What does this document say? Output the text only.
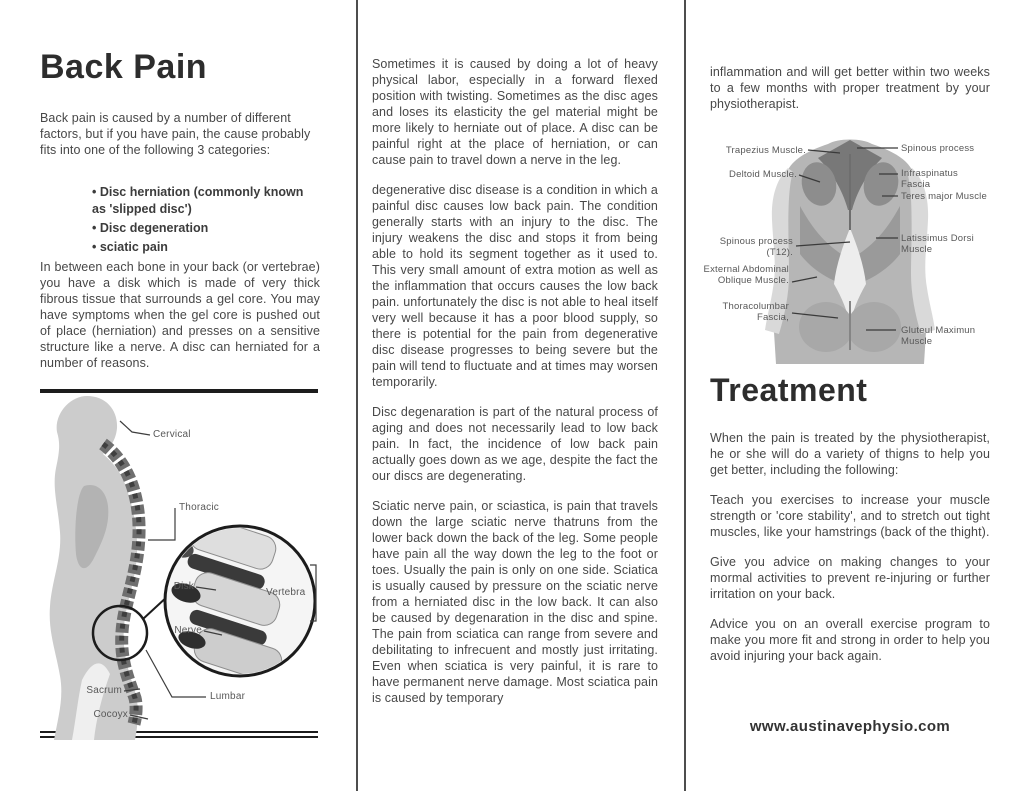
Back Pain

Back pain is caused by a number of different factors, but if you have pain, the cause probably fits into one of the following 3 categories:

• Disc herniation (commonly known as 'slipped disc')
• Disc degeneration
• sciatic pain

In between each bone in your back (or vertebrae) you have a disk which is made of very thick fibrous tissue that surrounds a gel core. You may have symptoms when the gel core is pushed out of place (herniation) and presses on a sensitive structure like a nerve. A disc can herniated for a number of reasons.

Cervical
Thoracic
Disk
Vertebra
Nerve
Sacrum
Lumbar
Cocoyx

Sometimes it is caused by doing a lot of heavy physical labor, especially in a forward flexed position with twisting. Sometimes as the disc ages and loses its elasticity the gel material might be more likely to herniate out of place. A disc can be painful right at the place of herniation, or can cause pain to travel down a nerve in the leg.

degenerative disc disease is a condition in which a painful disc causes low back pain. The condition generally starts with an injury to the disc. The injury weakens the disc and stops it from being able to hold its segment together as it used to. This very small amount of extra motion as well as the inflammation that occurs causes the low back pain. unfortunately the disc is not able to heal itself very well because it has a poor blood supply, so there is potential for the pain from degenerative disc disease progresses to being severe but the pain will tend to fluctuate and at times may worsen temporarily.

Disc degenaration is part of the natural process of aging and does not necessarily lead to low back pain. In fact, the incidence of low back pain actually goes down as we age, despite the fact the our discs are degenerating.

Sciatic nerve pain, or sciastica, is pain that travels down the large sciatic nerve thatruns from the lower back down the back of the leg. Some people have pain all the way down the leg to the foot or toes. Usually the pain is only on one side. Sciatica is usually caused by pressure on the sciatic nerve from a herniated disc in the low back. It can also be caused by degenaration in the disc and spine. The pain from sciatica can range from severe and debilitating to infrecuent and mostly just irritating. Even when sciatica is very painful, it is rare to have permanent nerve damage. Most sciatica pain is caused by temporary

inflammation and will get better within two weeks to a few months with proper treatment by your physiotherapist.

Trapezius Muscle.
Deltoid Muscle.
Spinous process (T12).
External Abdominal Oblique Muscle.
Thoracolumbar Fascia,
Spinous process
Infraspinatus Fascia
Teres major Muscle
Latissimus Dorsi Muscle
Gluteul Maximun Muscle
Treatment

When the pain is treated by the physiotherapist, he or she will do a variety of thigns to help you get better, including the following:

Teach you exercises to increase your muscle strength or 'core stability', and to stretch out tight muscles, like your hamstrings (back of the thight).

Give you advice on making changes to your mormal activities to prevent re-injuring or further irritation on your back.

Advice you on an overall exercise program to make you more fit and strong in order to help you avoid injuring your back again.

www.austinavephysio.com
